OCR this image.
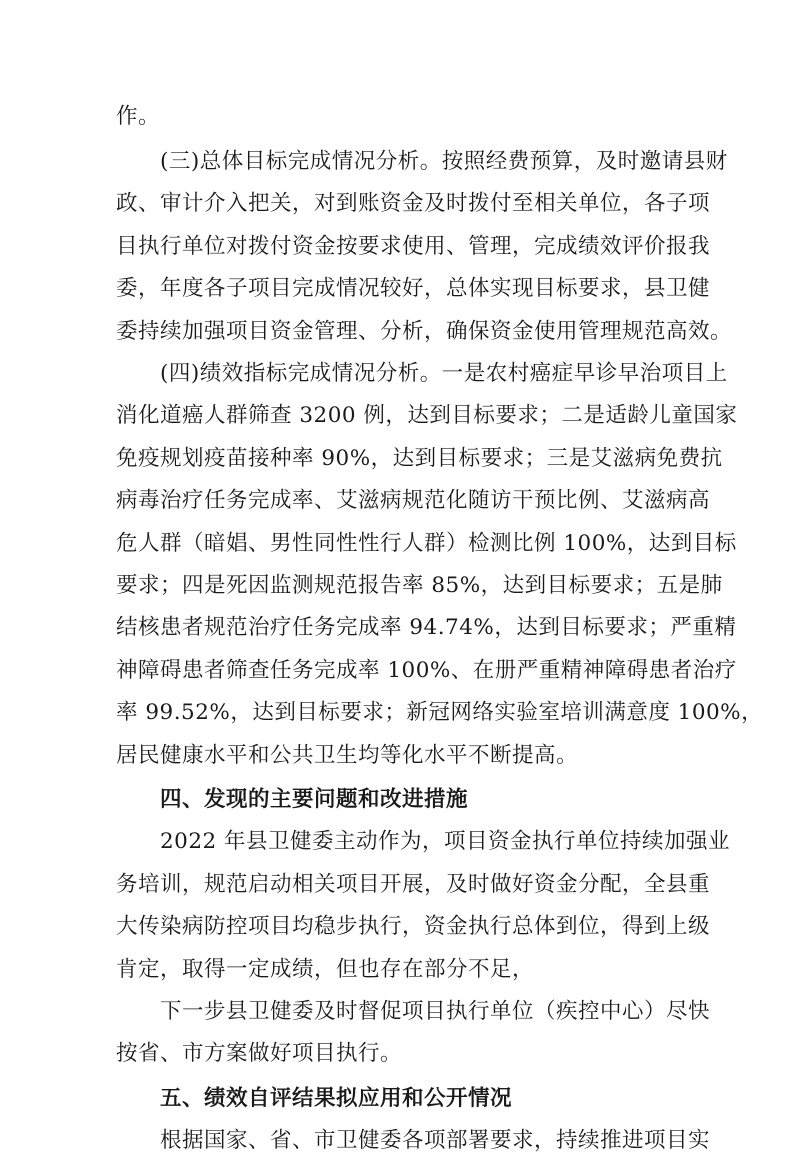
作。
(三)总体目标完成情况分析。按照经费预算，及时邀请县财
政、审计介入把关，对到账资金及时拨付至相关单位，各子项
目执行单位对拨付资金按要求使用、管理，完成绩效评价报我
委，年度各子项目完成情况较好，总体实现目标要求，县卫健
委持续加强项目资金管理、分析，确保资金使用管理规范高效。
(四)绩效指标完成情况分析。一是农村癌症早诊早治项目上
消化道癌人群筛查 3200 例，达到目标要求；二是适龄儿童国家
免疫规划疫苗接种率 90%，达到目标要求；三是艾滋病免费抗
病毒治疗任务完成率、艾滋病规范化随访干预比例、艾滋病高
危人群（暗娼、男性同性性行人群）检测比例 100%，达到目标
要求；四是死因监测规范报告率 85%，达到目标要求；五是肺
结核患者规范治疗任务完成率 94.74%，达到目标要求；严重精
神障碍患者筛查任务完成率 100%、在册严重精神障碍患者治疗
率 99.52%，达到目标要求；新冠网络实验室培训满意度 100%，
居民健康水平和公共卫生均等化水平不断提高。
四、发现的主要问题和改进措施
2022 年县卫健委主动作为，项目资金执行单位持续加强业
务培训，规范启动相关项目开展，及时做好资金分配，全县重
大传染病防控项目均稳步执行，资金执行总体到位，得到上级
肯定，取得一定成绩，但也存在部分不足，
下一步县卫健委及时督促项目执行单位（疾控中心）尽快
按省、市方案做好项目执行。
五、绩效自评结果拟应用和公开情况
根据国家、省、市卫健委各项部署要求，持续推进项目实
